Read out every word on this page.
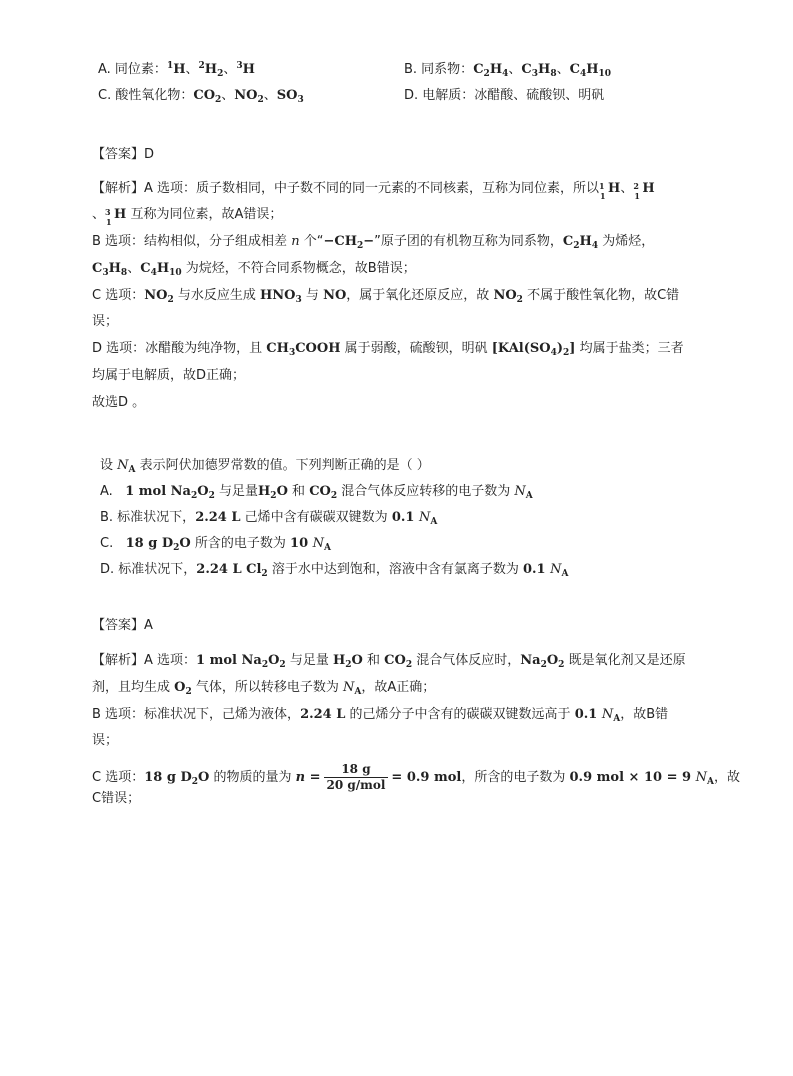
A. 同位素：$^1$H、$^2H_2$、$^3$H	B. 同系物：$C_2H_4$、$C_3H_8$、$C_4H_{10}$
C. 酸性氧化物：$CO_2$、$NO_2$、$SO_3$	D. 电解质：冰醋酸、硫酸钡、明矾
【答案】D
【解析】A 选项：质子数相同，中子数不同的同一元素的不同核素，互称为同位素，所以 1
1 H、 2
1 H
、 3
1 H 互称为同位素，故A错误；
B 选项：结构相似，分子组成相差 n 个“$-CH_2-$”原子团的有机物互称为同系物，$C_2H_4$ 为烯烃，
$C_3H_8$、$C_4H_{10}$ 为烷烃，不符合同系物概念，故B错误；
C 选项：$NO_2$ 与水反应生成 $HNO_3$ 与 NO，属于氧化还原反应，故 $NO_2$ 不属于酸性氧化物，故C错
误；
D 选项：冰醋酸为纯净物，且 $CH_3COOH$ 属于弱酸，硫酸钡，明矾 $[KAl(SO_4)_2]$ 均属于盐类；三者
均属于电解质，故D正确；
故选D 。
设 $N_A$ 表示阿伏加德罗常数的值。下列判断正确的是（ ）
A. 1 mol $Na_2O_2$ 与足量$H_2O$ 和 $CO_2$ 混合气体反应转移的电子数为 $N_A$
B. 标准状况下，2.24 L 己烯中含有碳碳双键数为 0.1 $N_A$
C. 18 g $D_2O$ 所含的电子数为 10 $N_A$
D. 标准状况下，2.24 L $Cl_2$ 溶于水中达到饱和，溶液中含有氯离子数为 0.1 $N_A$
【答案】A
【解析】A 选项：1 mol $Na_2O_2$ 与足量 $H_2O$ 和 $CO_2$ 混合气体反应时，$Na_2O_2$ 既是氧化剂又是还原
剂，且均生成 $O_2$ 气体，所以转移电子数为 $N_A$，故A正确；
B 选项：标准状况下，己烯为液体，2.24 L 的己烯分子中含有的碳碳双键数远高于 0.1 $N_A$，故B错
误；
C 选项：18 g $D_2O$ 的物质的量为 $n = \frac{18 g}{\text{20 g/mol}} = 0.9$ mol，所含的电子数为 0.9 mol × 10 = 9 $N_A$，故
C错误；
